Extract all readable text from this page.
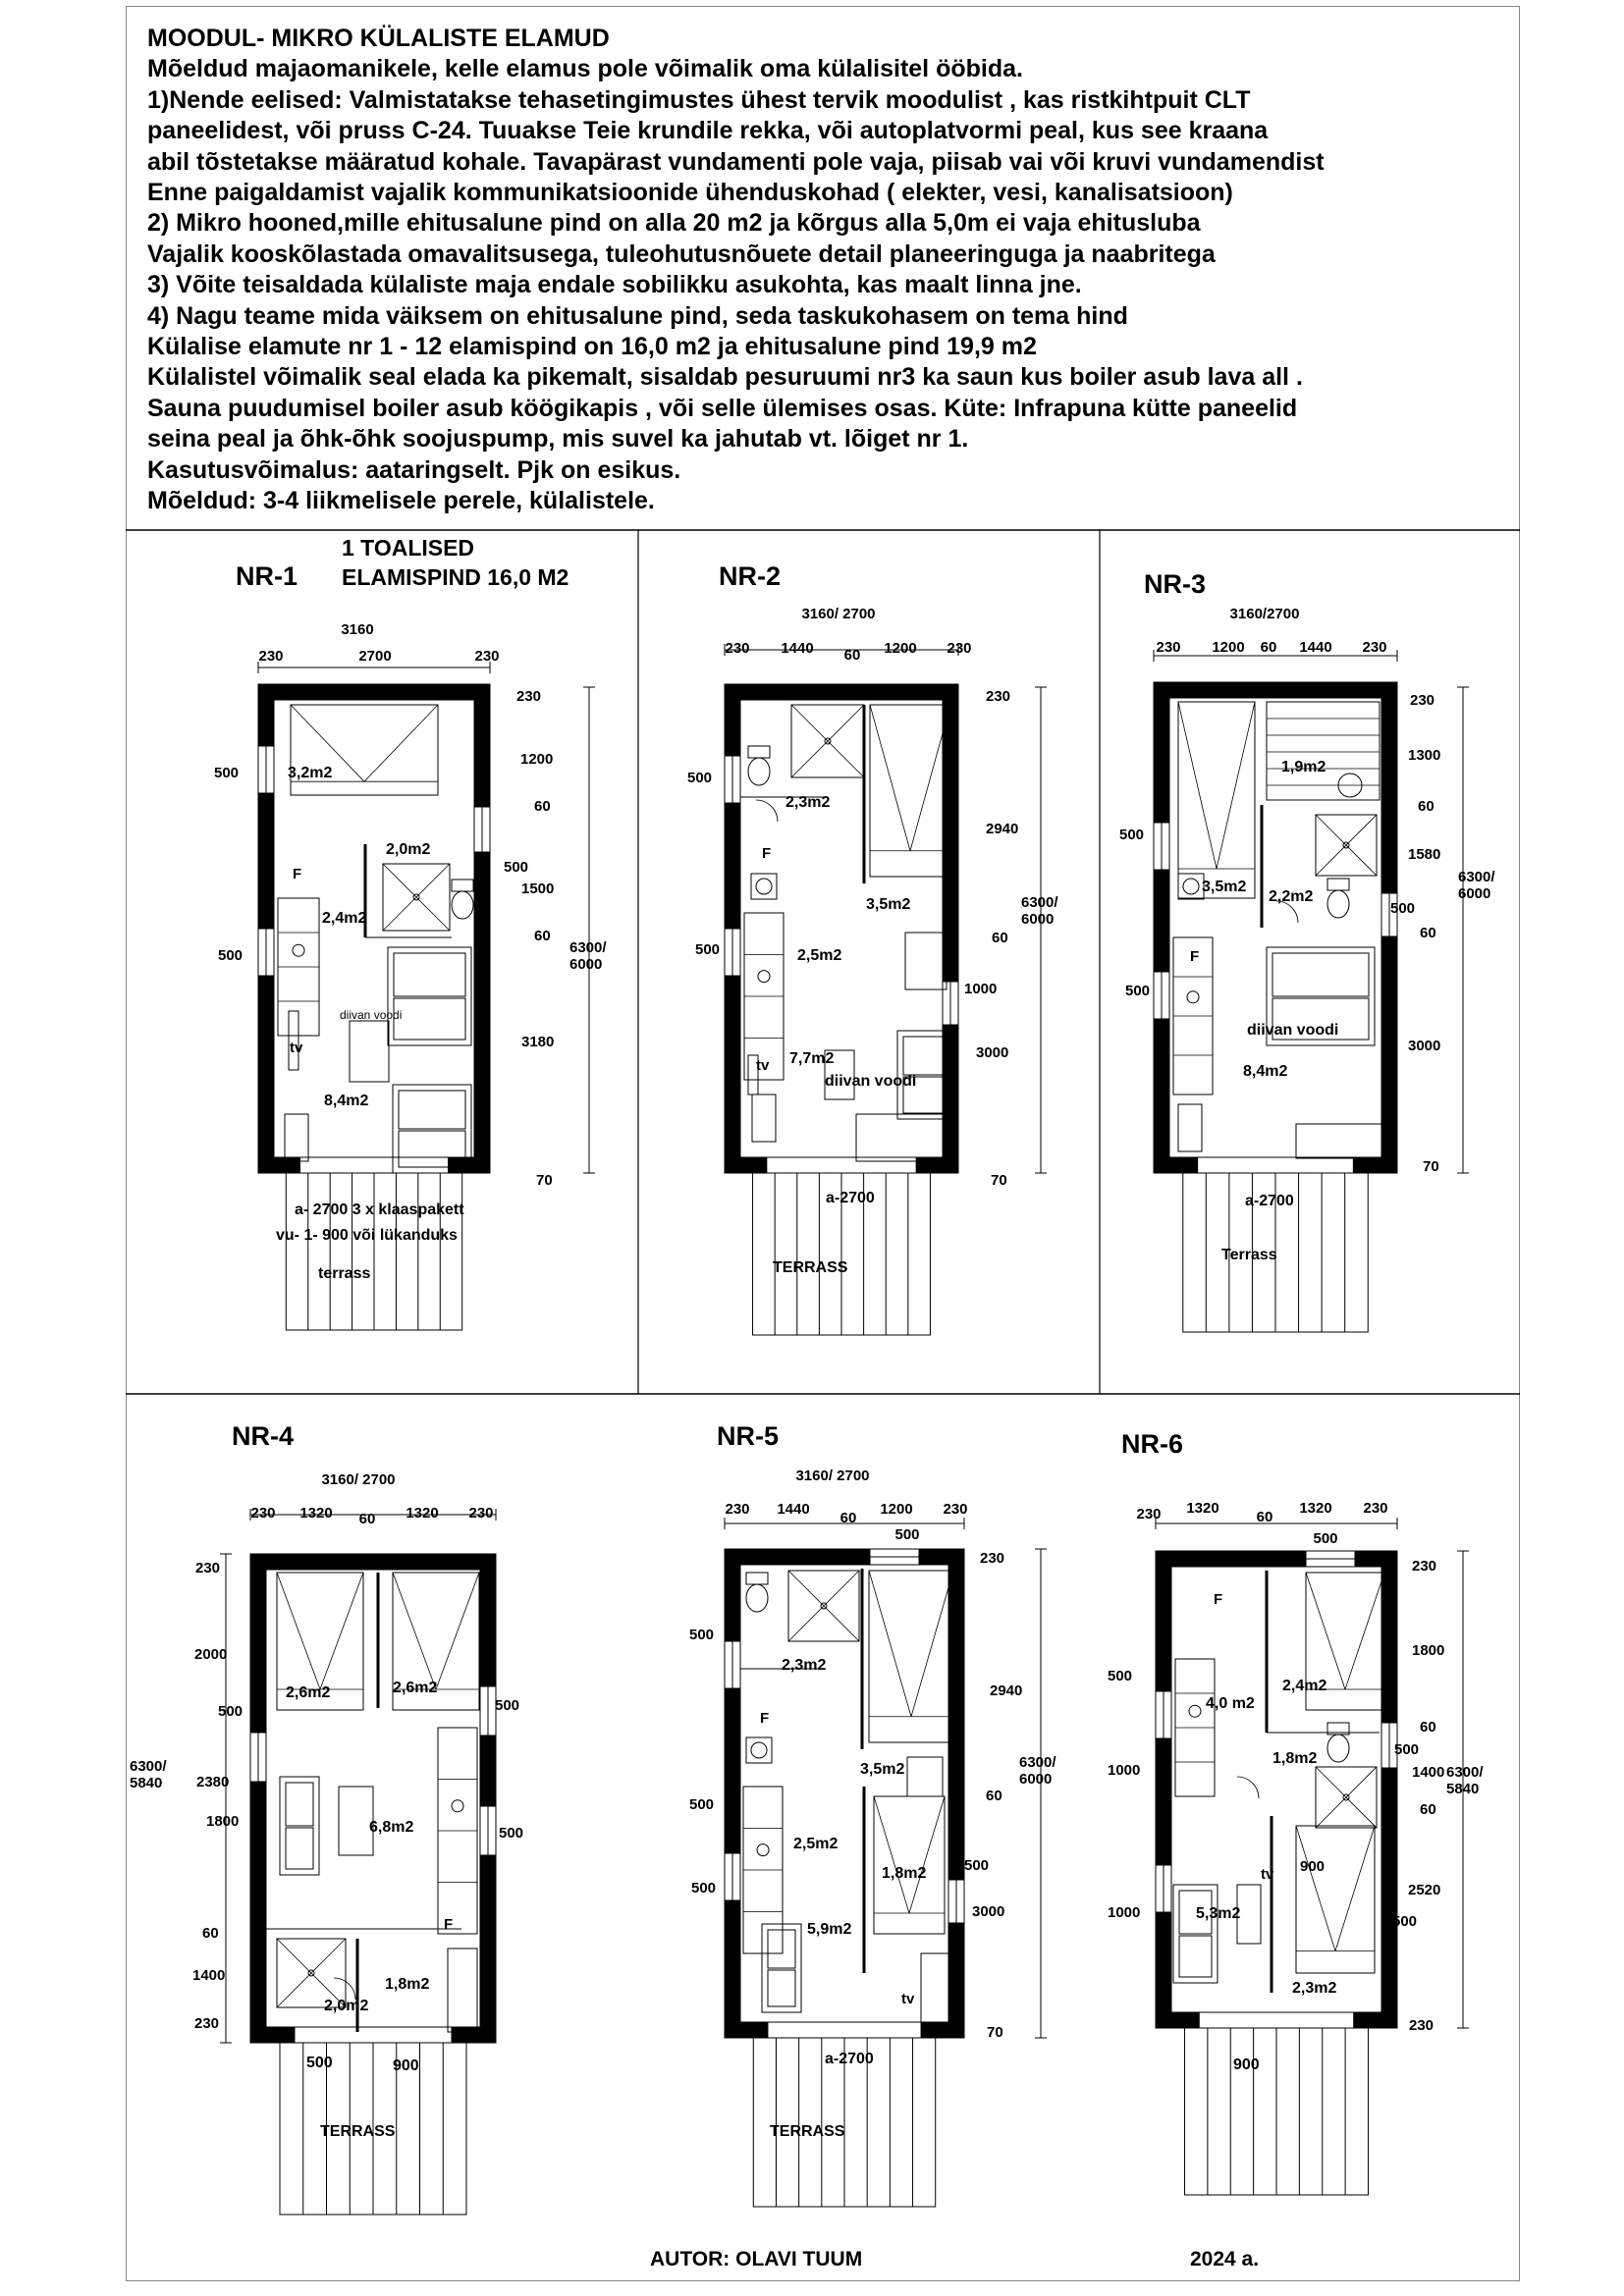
MOODUL- MIKRO KÜLALISTE ELAMUD
Mõeldud majaomanikele, kelle elamus pole võimalik oma külalisitel ööbida.
1)Nende eelised: Valmistatakse tehasetingimustes ühest tervik moodulist , kas ristkihtpuit CLT
paneelidest, või pruss C-24. Tuuakse Teie krundile rekka, või autoplatvormi peal, kus see kraana
abil tõstetakse määratud kohale. Tavapärast vundamenti pole vaja, piisab vai või kruvi vundamendist
Enne paigaldamist vajalik kommunikatsioonide ühenduskohad ( elekter, vesi, kanalisatsioon)
2) Mikro hooned,mille ehitusalune pind on alla 20 m2 ja kõrgus alla 5,0m ei vaja ehitusluba
Vajalik kooskõlastada omavalitsusega, tuleohutusnõuete detail planeeringuga ja naabritega
3) Võite teisaldada külaliste maja endale sobilikku asukohta, kas maalt linna jne.
4) Nagu teame mida väiksem on ehitusalune pind, seda taskukohasem on tema hind
Külalise elamute nr 1 - 12 elamispind on 16,0 m2 ja ehitusalune pind 19,9 m2
Külalistel võimalik seal elada ka pikemalt, sisaldab pesuruumi nr3 ka saun kus boiler asub lava all .
Sauna puudumisel boiler asub köögikapis , või selle ülemises osas. Küte: Infrapuna kütte paneelid
seina peal ja õhk-õhk soojuspump, mis suvel ka jahutab vt. lõiget nr 1.
Kasutusvõimalus: aataringselt. Pjk on esikus.
Mõeldud: 3-4 liikmelisele perele, külalistele.
NR-1
1 TOALISED
ELAMISPIND 16,0 M2
3160
230	2700	230
230
1200
60
1500
60
3180
70
6300/ 6000
500
500
500
3,2m2
2,0m2
2,4m2
8,4m2
F
diivan voodi
tv
a- 2700 3 x klaaspakett
vu- 1- 900 või lükanduks
terrass
NR-2
3160/ 2700
230 1440 60 1200 230
230
2940
60
1000
3000
70
6300/ 6000
500
500
2,3m2
3,5m2
2,5m2
7,7m2
F
tv
diivan voodi
a-2700
TERRASS
NR-3
3160/2700
230 1200 60 1440 230
230
1300
60
1580
500
60
3000
70
6300/ 6000
500
500
1,9m2
3,5m2
2,2m2
8,4m2
F
diivan voodi
a-2700
Terrass
NR-4
3160/ 2700
230 1320 60 1320 230
230
2000
2380
1800
60
1400
230
6300/ 5840
500	500
500
2,6m2	2,6m2
6,8m2
2,0m2
1,8m2
F
500	900
TERRASS
NR-5
3160/ 2700
230 1440
60
1200 230
500
230
2940
60
3000
70
6300/ 6000
500
500
500
500
2,3m2
3,5m2
2,5m2
1,8m2
5,9m2
F
tv
a-2700
TERRASS
NR-6
230 1320
60
1320 230
500
230
1800
60
1400
60
2520
230
6300/ 5840
500
1000
1000
500
500
4,0 m2
2,4m2
1,8m2
5,3m2
2,3m2
F
tv 900
900
AUTOR: OLAVI TUUM	2024 a.
